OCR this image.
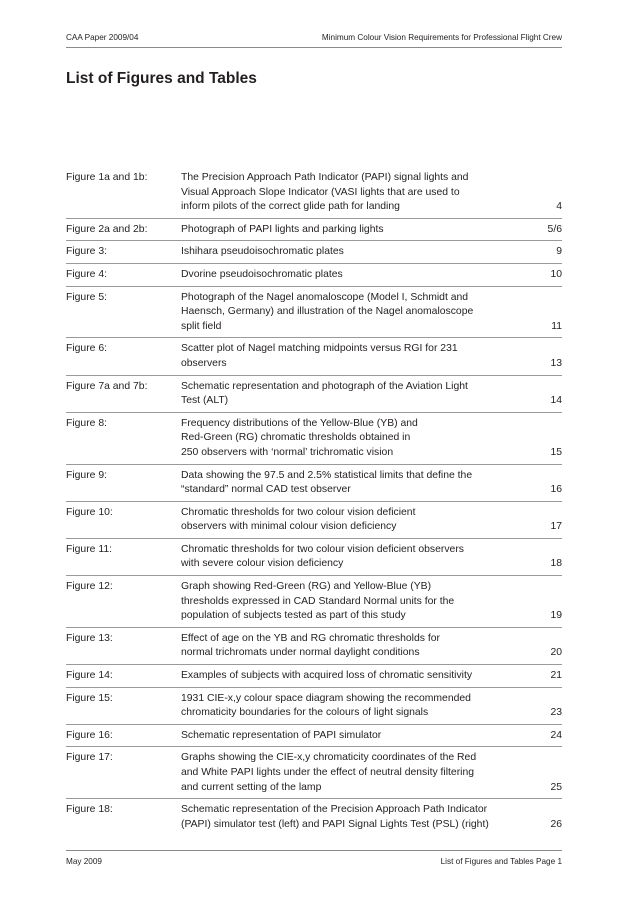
CAA Paper 2009/04	Minimum Colour Vision Requirements for Professional Flight Crew
List of Figures and Tables
Figure 1a and 1b:	The Precision Approach Path Indicator (PAPI) signal lights and
Visual Approach Slope Indicator (VASI lights that are used to
inform pilots of the correct glide path for landing	4
Figure 2a and 2b:	Photograph of PAPI lights and parking lights	5/6
Figure 3:	Ishihara pseudoisochromatic plates	9
Figure 4:	Dvorine pseudoisochromatic plates	10
Figure 5:	Photograph of the Nagel anomaloscope (Model I, Schmidt and
Haensch, Germany) and illustration of the Nagel anomaloscope
split field	11
Figure 6:	Scatter plot of Nagel matching midpoints versus RGI for 231
observers	13
Figure 7a and 7b:	Schematic representation and photograph of the Aviation Light
Test (ALT)	14
Figure 8:	Frequency distributions of the Yellow-Blue (YB) and
Red-Green (RG) chromatic thresholds obtained in
250 observers with ‘normal’ trichromatic vision	15
Figure 9:	Data showing the 97.5 and 2.5% statistical limits that define the
“standard” normal CAD test observer	16
Figure 10:	Chromatic thresholds for two colour vision deficient
observers with minimal colour vision deficiency	17
Figure 11:	Chromatic thresholds for two colour vision deficient observers
with severe colour vision deficiency	18
Figure 12:	Graph showing Red-Green (RG) and Yellow-Blue (YB)
thresholds expressed in CAD Standard Normal units for the
population of subjects tested as part of this study	19
Figure 13:	Effect of age on the YB and RG chromatic thresholds for
normal trichromats under normal daylight conditions	20
Figure 14:	Examples of subjects with acquired loss of chromatic sensitivity	21
Figure 15:	1931 CIE-x,y colour space diagram showing the recommended
chromaticity boundaries for the colours of light signals	23
Figure 16:	Schematic representation of PAPI simulator	24
Figure 17:	Graphs showing the CIE-x,y chromaticity coordinates of the Red
and White PAPI lights under the effect of neutral density filtering
and current setting of the lamp	25
Figure 18:	Schematic representation of the Precision Approach Path Indicator
(PAPI) simulator test (left) and PAPI Signal Lights Test (PSL) (right)	26
May 2009	List of Figures and Tables Page 1
